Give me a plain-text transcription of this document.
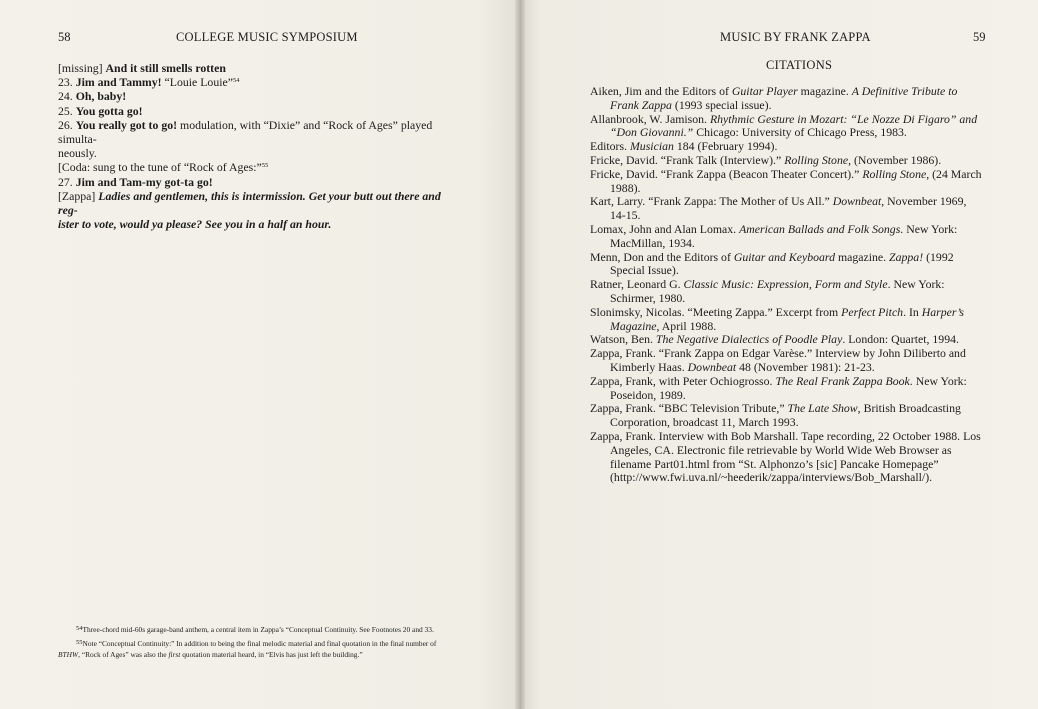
58	COLLEGE MUSIC SYMPOSIUM
[missing] And it still smells rotten
23. Jim and Tammy! “Louie Louie”$^{54}$
24. Oh, baby!
25. You gotta go!
26. You really got to go! modulation, with “Dixie” and “Rock of Ages” played simulta-
neously.
[Coda: sung to the tune of “Rock of Ages:”$^{55}$
27. Jim and Tam-my got-ta go!
[Zappa] Ladies and gentlemen, this is intermission. Get your butt out there and reg-
ister to vote, would ya please? See you in a half an hour.

$^{54}$Three-chord mid-60s garage-band anthem, a central item in Zappa’s “Conceptual Continuity. See Footnotes 20 and 33.

$^{55}$Note “Conceptual Continuity:” In addition to being the final melodic material and final quotation in the final number of BTHW, “Rock of Ages” was also the first quotation material heard, in “Elvis has just left the building.”

MUSIC BY FRANK ZAPPA	59
CITATIONS

Aiken, Jim and the Editors of Guitar Player magazine. A Definitive Tribute to Frank Zappa (1993 special issue).

Allanbrook, W. Jamison. Rhythmic Gesture in Mozart: “Le Nozze Di Figaro” and “Don Giovanni.” Chicago: University of Chicago Press, 1983.

Editors. Musician 184 (February 1994).

Fricke, David. “Frank Talk (Interview).” Rolling Stone, (November 1986).

Fricke, David. “Frank Zappa (Beacon Theater Concert).” Rolling Stone, (24 March 1988).

Kart, Larry. “Frank Zappa: The Mother of Us All.” Downbeat, November 1969, 14-15.

Lomax, John and Alan Lomax. American Ballads and Folk Songs. New York: MacMillan, 1934.

Menn, Don and the Editors of Guitar and Keyboard magazine. Zappa! (1992 Special Issue).

Ratner, Leonard G. Classic Music: Expression, Form and Style. New York: Schirmer, 1980.

Slonimsky, Nicolas. “Meeting Zappa.” Excerpt from Perfect Pitch. In Harper’s Magazine, April 1988.

Watson, Ben. The Negative Dialectics of Poodle Play. London: Quartet, 1994.

Zappa, Frank. “Frank Zappa on Edgar Varèse.” Interview by John Diliberto and Kimberly Haas. Downbeat 48 (November 1981): 21-23.

Zappa, Frank, with Peter Ochiogrosso. The Real Frank Zappa Book. New York: Poseidon, 1989.

Zappa, Frank. “BBC Television Tribute,” The Late Show, British Broadcasting Corporation, broadcast 11, March 1993.

Zappa, Frank. Interview with Bob Marshall. Tape recording, 22 October 1988. Los Angeles, CA. Electronic file retrievable by World Wide Web Browser as filename Part01.html from “St. Alphonzo’s [sic] Pancake Homepage” (http://www.fwi.uva.nl/~heederik/zappa/interviews/Bob_Marshall/).
